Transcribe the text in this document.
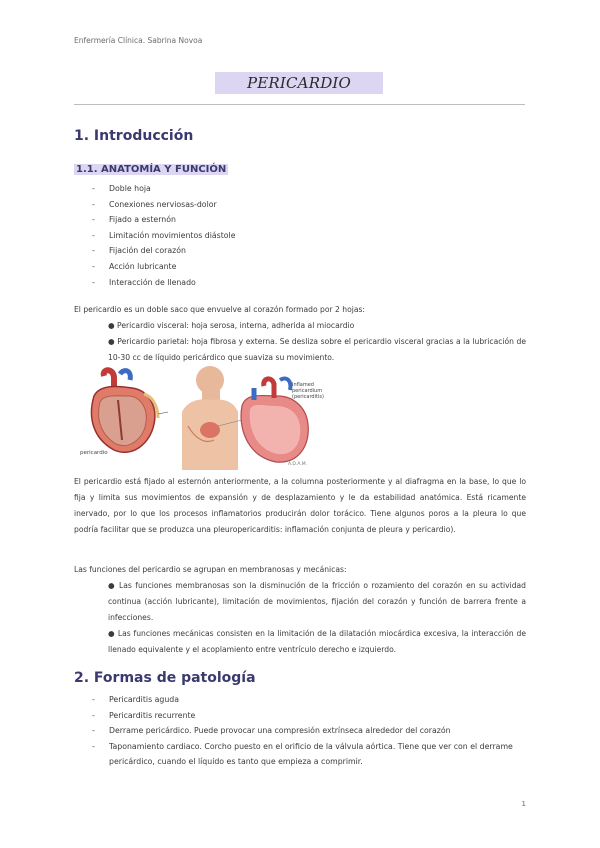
Enfermería Clínica. Sabrina Novoa
PERICARDIO
1. Introducción
1.1. ANATOMÍA Y FUNCIÓN
-	Doble hoja
-	Conexiones nerviosas-dolor
-	Fijado a esternón
-	Limitación movimientos diástole
-	Fijación del corazón
-	Acción lubricante
-	Interacción de llenado
El pericardio es un doble saco que envuelve al corazón formado por 2 hojas:
● Pericardio visceral: hoja serosa, interna, adherida al miocardio
● Pericardio parietal: hoja fibrosa y externa. Se desliza sobre el pericardio visceral gracias a la lubricación de 10-30 cc de líquido pericárdico que suaviza su movimiento.
pericardio
Inflamed pericardium (pericarditis)
A.D.A.M.
El pericardio está fijado al esternón anteriormente, a la columna posteriormente y al diafragma en la base, lo que lo fija y limita sus movimientos de expansión y de desplazamiento y le da estabilidad anatómica. Está ricamente inervado, por lo que los procesos inflamatorios producirán dolor torácico. Tiene algunos poros a la pleura lo que podría facilitar que se produzca una pleuropericarditis: inflamación conjunta de pleura y pericardio).
Las funciones del pericardio se agrupan en membranosas y mecánicas:
● Las funciones membranosas son la disminución de la fricción o rozamiento del corazón en su actividad continua (acción lubricante), limitación de movimientos, fijación del corazón y función de barrera frente a infecciones.
● Las funciones mecánicas consisten en la limitación de la dilatación miocárdica excesiva, la interacción de llenado equivalente y el acoplamiento entre ventrículo derecho e izquierdo.
2. Formas de patología
-	Pericarditis aguda
-	Pericarditis recurrente
-	Derrame pericárdico. Puede provocar una compresión extrínseca alrededor del corazón
-	Taponamiento cardiaco. Corcho puesto en el orificio de la válvula aórtica. Tiene que ver con el derrame pericárdico, cuando el líquido es tanto que empieza a comprimir.
1
